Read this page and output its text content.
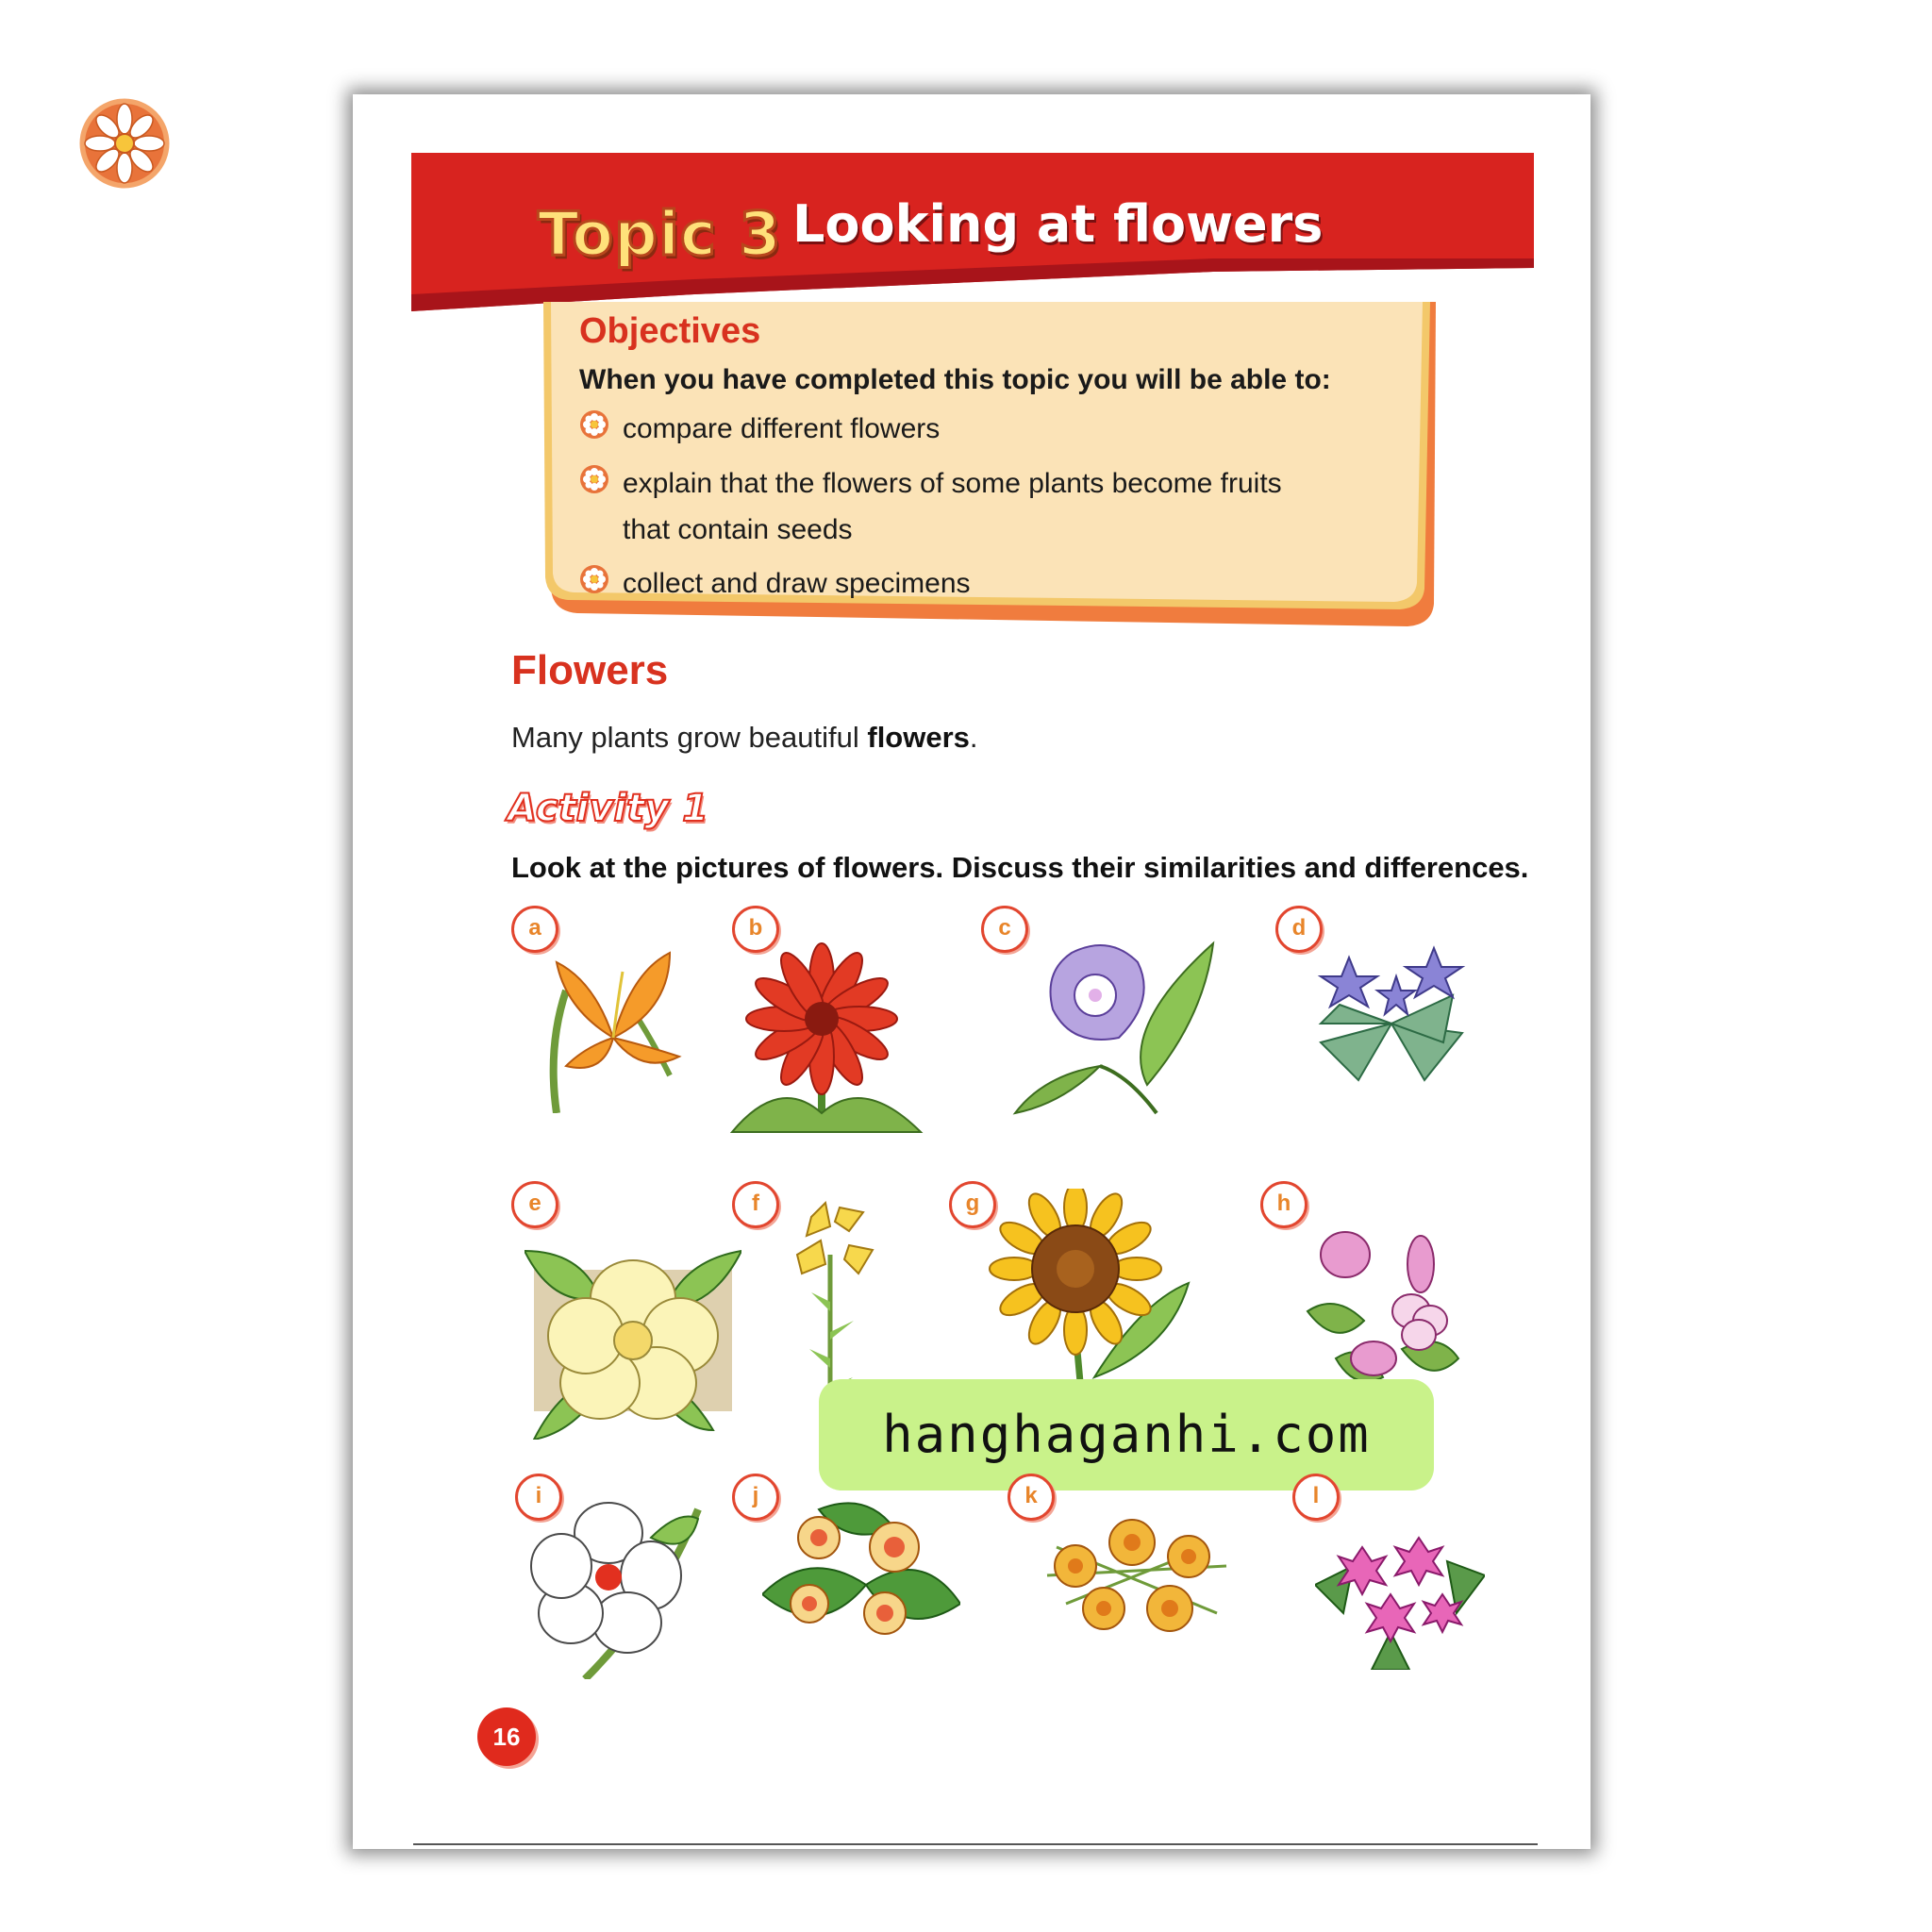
Topic 3 Looking at flowers
Objectives
When you have completed this topic you will be able to:
compare different flowers
explain that the flowers of some plants become fruits
that contain seeds
collect and draw specimens
Flowers
Many plants grow beautiful flowers.
Activity 1
Look at the pictures of flowers. Discuss their similarities and differences.
a	b	c	d
e	f	g	h
hanghaganhi.com
i	j	k	l
16
